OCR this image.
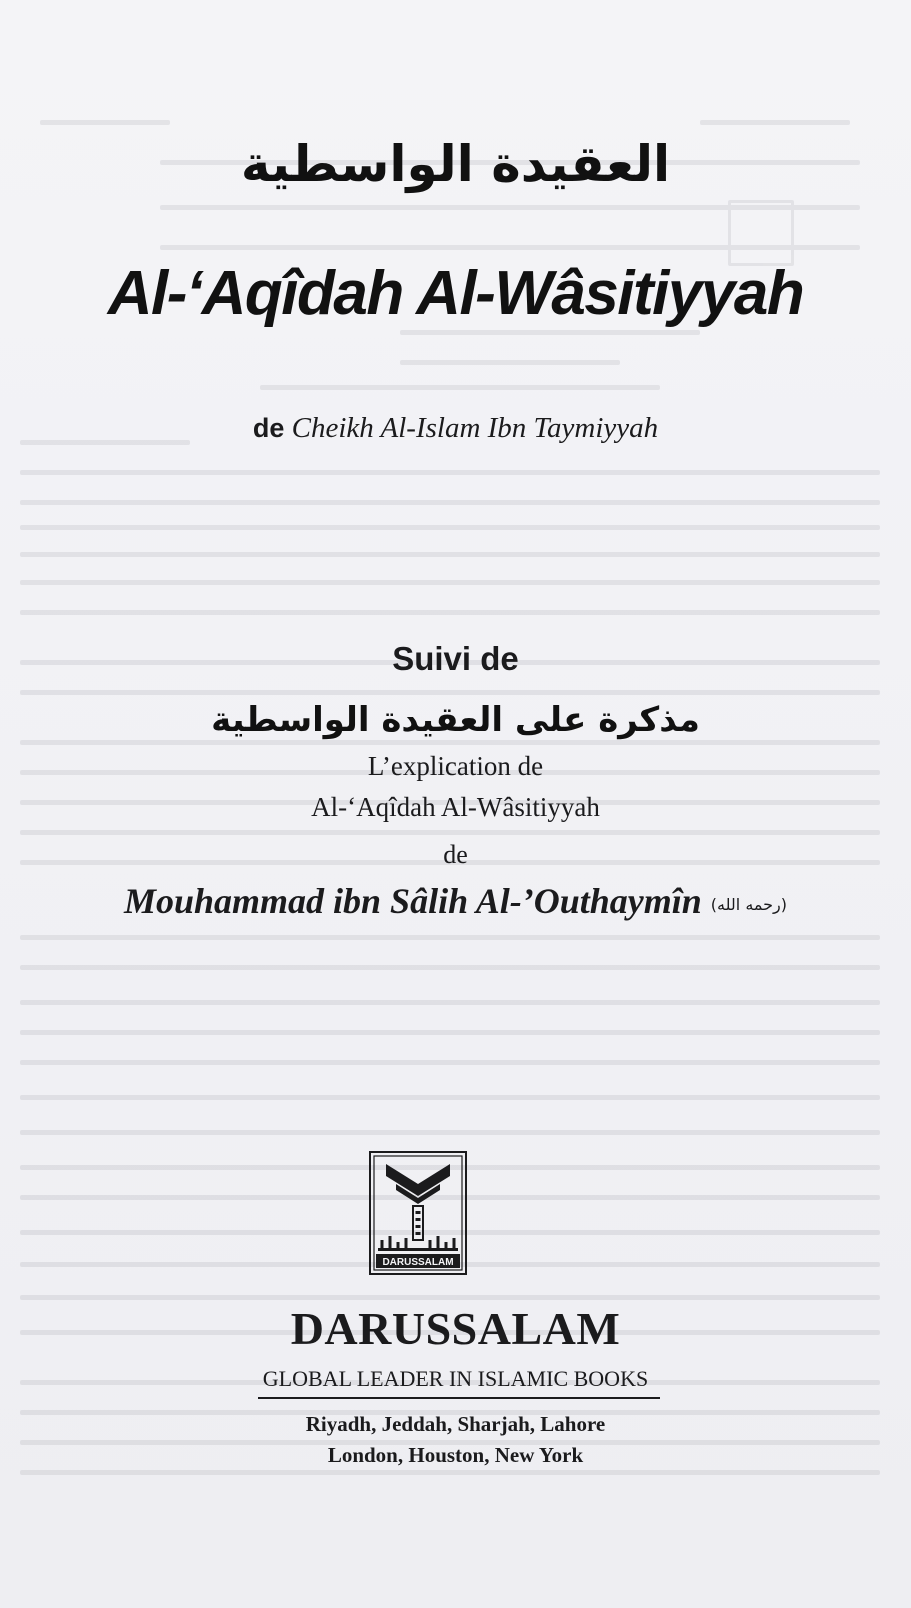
العقيدة الواسطية
Al-‘Aqîdah Al-Wâsitiyyah
de Cheikh Al-Islam Ibn Taymiyyah
Suivi de
مذكرة على العقيدة الواسطية
L’explication de
Al-‘Aqîdah Al-Wâsitiyyah
de
Mouhammad ibn Sâlih Al-’Outhaymîn (رحمه الله)
DARUSSALAM
DARUSSALAM
GLOBAL LEADER IN ISLAMIC BOOKS
Riyadh, Jeddah, Sharjah, Lahore
London, Houston, New York
